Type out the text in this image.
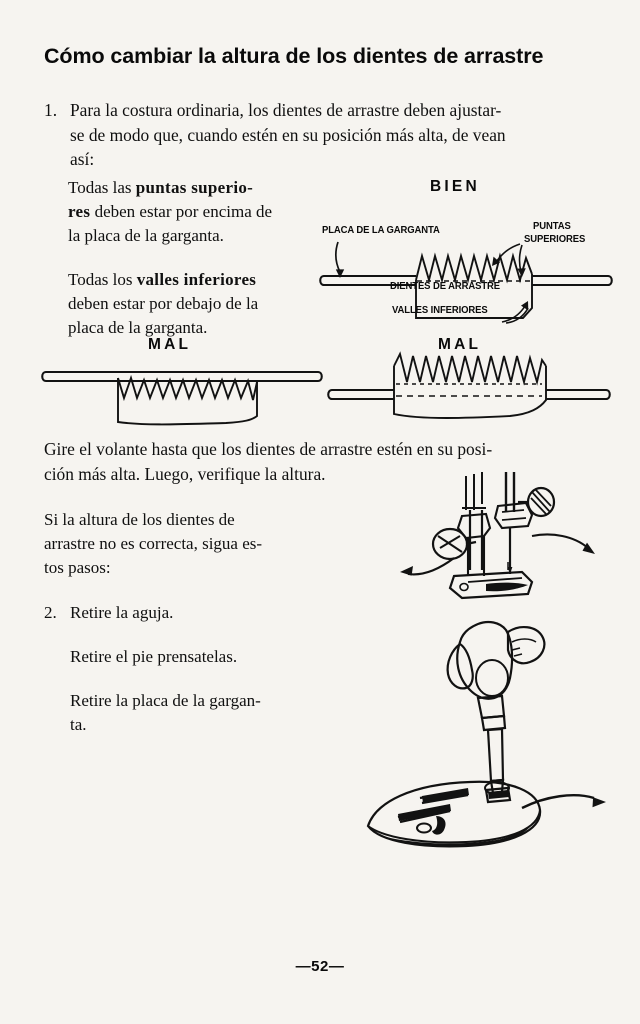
Cómo cambiar la altura de los dientes de arrastre
1. Para la costura ordinaria, los dientes de arrastre deben ajustar-
se de modo que, cuando estén en su posición más alta, de vean
así:

Todas las puntas superio-
res deben estar por encima de

la placa de la garganta.

Todas los valles inferiores
deben estar por debajo de la

placa de la garganta.

BIEN
PLACA DE LA GARGANTA	PUNTAS
SUPERIORES
DIENTES DE ARRASTRE
VALLES INFERIORES
MAL	MAL
Gire el volante hasta que los dientes de arrastre estén en su posi-
ción más alta. Luego, verifique la altura.
Si la altura de los dientes de
arrastre no es correcta, sigua es-

tos pasos:
2. Retire la aguja.
Retire el pie prensatelas.
Retire la placa de la gargan-
ta.
—52—
